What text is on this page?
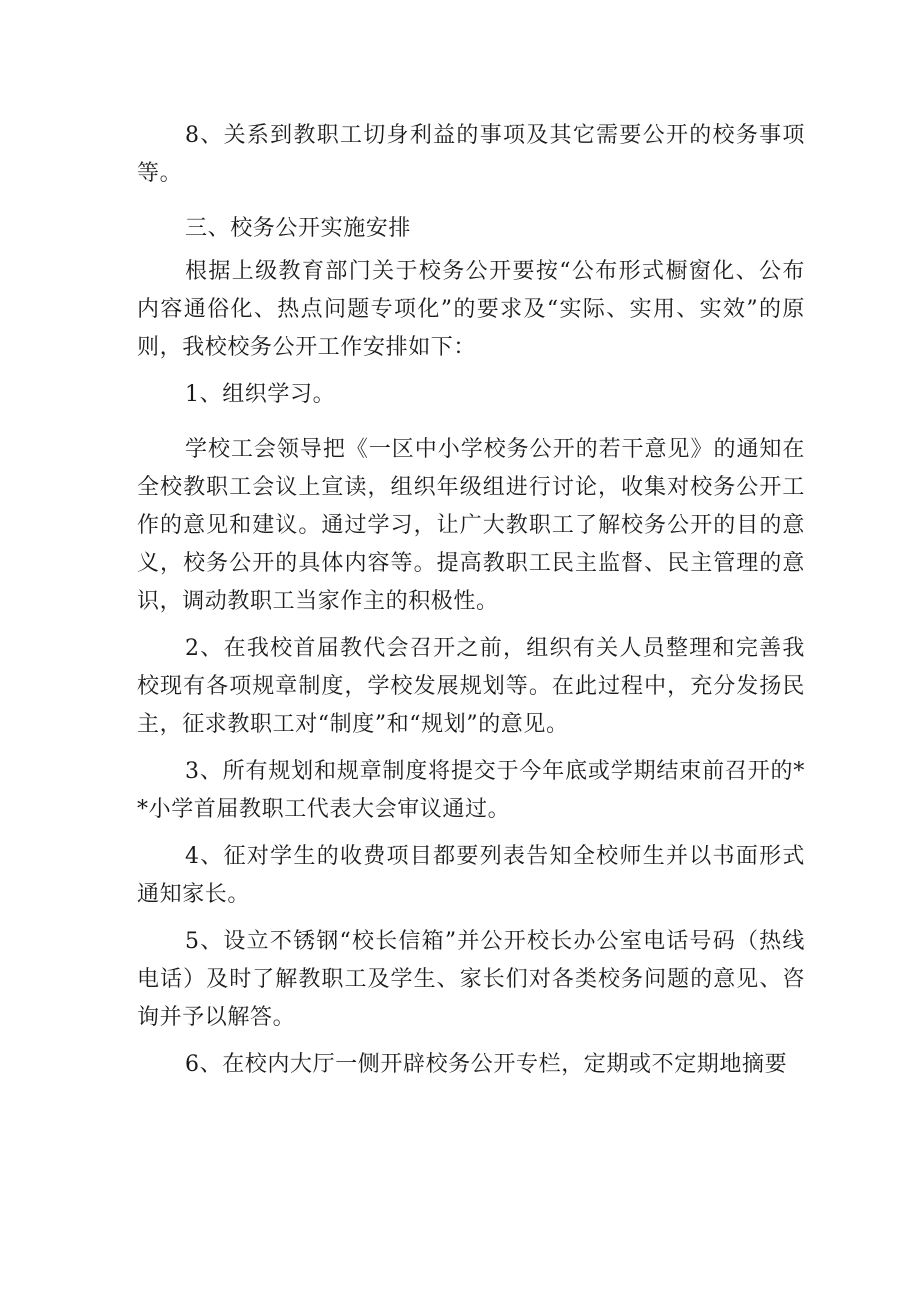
8、关系到教职工切身利益的事项及其它需要公开的校务事项等。

三、校务公开实施安排

根据上级教育部门关于校务公开要按“公布形式橱窗化、公布内容通俗化、热点问题专项化”的要求及“实际、实用、实效”的原则，我校校务公开工作安排如下：

1、组织学习。

学校工会领导把《一区中小学校务公开的若干意见》的通知在全校教职工会议上宣读，组织年级组进行讨论，收集对校务公开工作的意见和建议。通过学习，让广大教职工了解校务公开的目的意义，校务公开的具体内容等。提高教职工民主监督、民主管理的意识，调动教职工当家作主的积极性。

2、在我校首届教代会召开之前，组织有关人员整理和完善我校现有各项规章制度，学校发展规划等。在此过程中，充分发扬民主，征求教职工对“制度”和“规划”的意见。

3、所有规划和规章制度将提交于今年底或学期结束前召开的**小学首届教职工代表大会审议通过。

4、征对学生的收费项目都要列表告知全校师生并以书面形式通知家长。

5、设立不锈钢“校长信箱”并公开校长办公室电话号码（热线电话）及时了解教职工及学生、家长们对各类校务问题的意见、咨询并予以解答。

6、在校内大厅一侧开辟校务公开专栏，定期或不定期地摘要
